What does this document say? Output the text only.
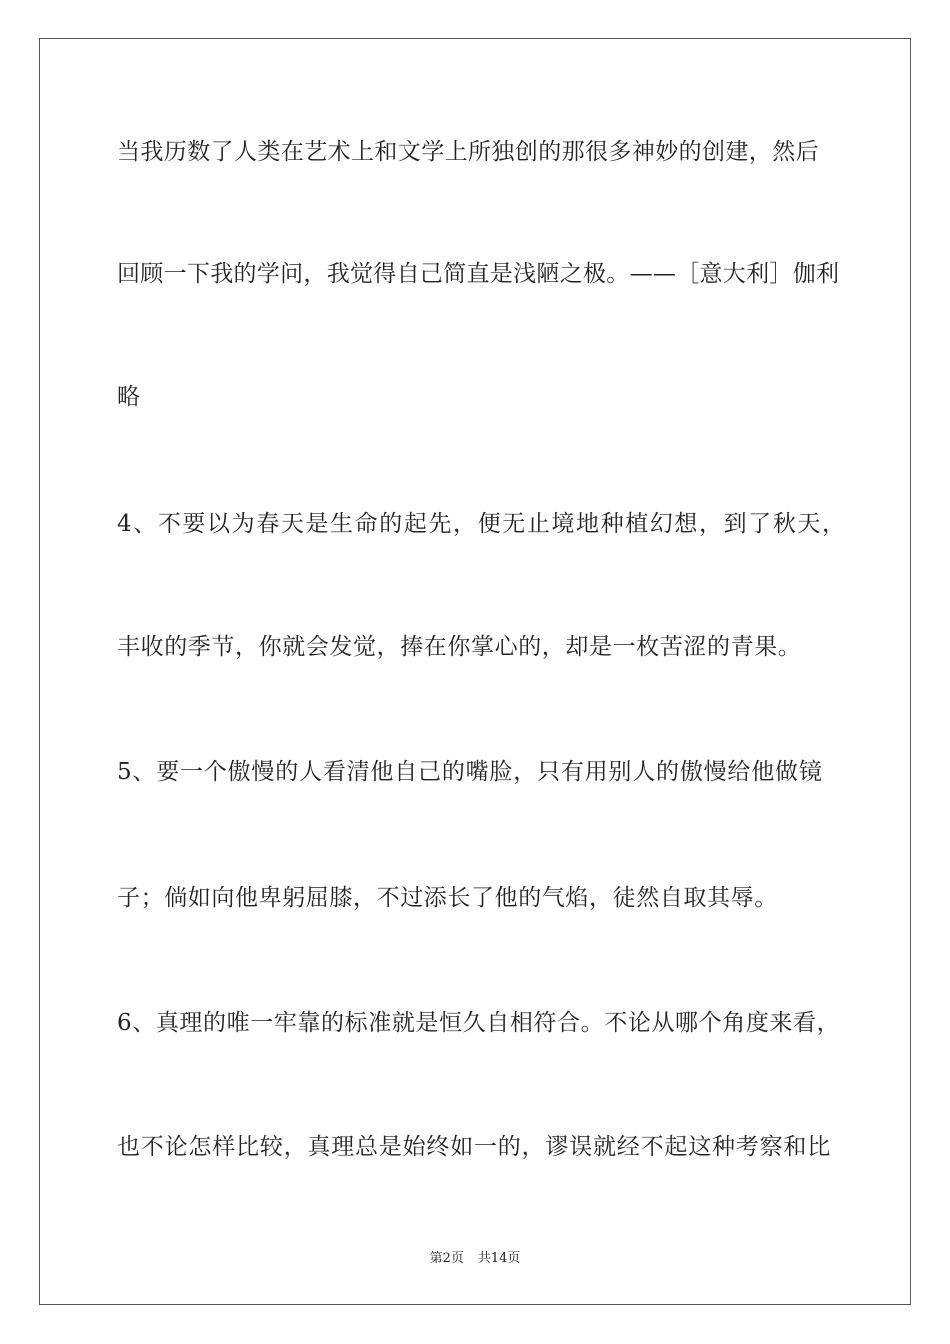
当我历数了人类在艺术上和文学上所独创的那很多神妙的创建，然后

回顾一下我的学问，我觉得自己简直是浅陋之极。——［意大利］伽利

略

4、不要以为春天是生命的起先，便无止境地种植幻想，到了秋天，

丰收的季节，你就会发觉，捧在你掌心的，却是一枚苦涩的青果。

5、要一个傲慢的人看清他自己的嘴脸，只有用别人的傲慢给他做镜

子；倘如向他卑躬屈膝，不过添长了他的气焰，徒然自取其辱。

6、真理的唯一牢靠的标准就是恒久自相符合。不论从哪个角度来看，

也不论怎样比较，真理总是始终如一的，谬误就经不起这种考察和比

第2页 共14页
